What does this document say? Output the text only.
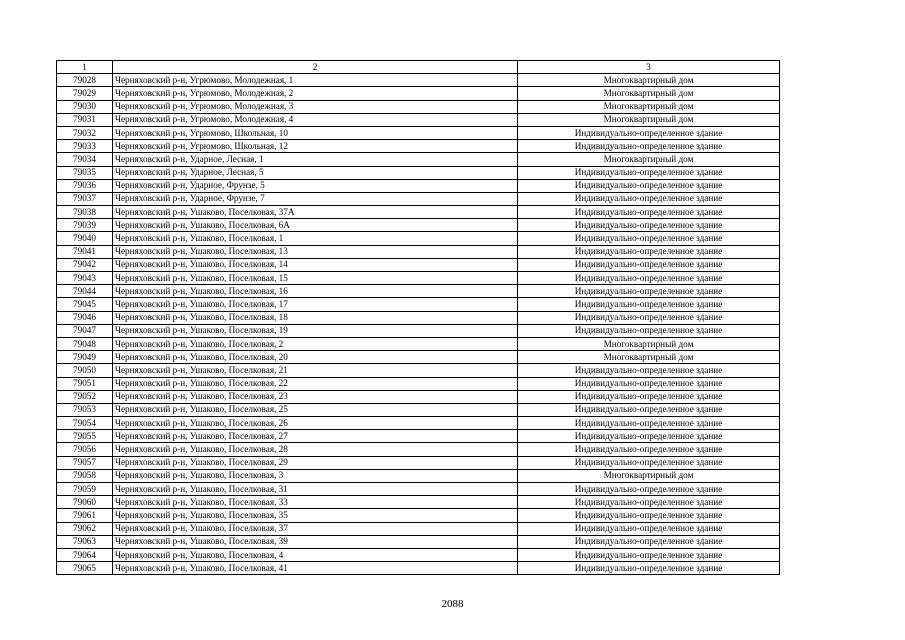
1	2	3
79028	Черняховский р-н, Угрюмово, Молодежная, 1	Многоквартирный дом
79029	Черняховский р-н, Угрюмово, Молодежная, 2	Многоквартирный дом
79030	Черняховский р-н, Угрюмово, Молодежная, 3	Многоквартирный дом
79031	Черняховский р-н, Угрюмово, Молодежная, 4	Многоквартирный дом
79032	Черняховский р-н, Угрюмово, Школьная, 10	Индивидуально-определенное здание
79033	Черняховский р-н, Угрюмово, Школьная, 12	Индивидуально-определенное здание
79034	Черняховский р-н, Ударное, Лесная, 1	Многоквартирный дом
79035	Черняховский р-н, Ударное, Лесная, 5	Индивидуально-определенное здание
79036	Черняховский р-н, Ударное, Фрунзе, 5	Индивидуально-определенное здание
79037	Черняховский р-н, Ударное, Фрунзе, 7	Индивидуально-определенное здание
79038	Черняховский р-н, Ушаково, Поселковая, 37А	Индивидуально-определенное здание
79039	Черняховский р-н, Ушаково, Поселковая, 6А	Индивидуально-определенное здание
79040	Черняховский р-н, Ушаково, Поселковая, 1	Индивидуально-определенное здание
79041	Черняховский р-н, Ушаково, Поселковая, 13	Индивидуально-определенное здание
79042	Черняховский р-н, Ушаково, Поселковая, 14	Индивидуально-определенное здание
79043	Черняховский р-н, Ушаково, Поселковая, 15	Индивидуально-определенное здание
79044	Черняховский р-н, Ушаково, Поселковая, 16	Индивидуально-определенное здание
79045	Черняховский р-н, Ушаково, Поселковая, 17	Индивидуально-определенное здание
79046	Черняховский р-н, Ушаково, Поселковая, 18	Индивидуально-определенное здание
79047	Черняховский р-н, Ушаково, Поселковая, 19	Индивидуально-определенное здание
79048	Черняховский р-н, Ушаково, Поселковая, 2	Многоквартирный дом
79049	Черняховский р-н, Ушаково, Поселковая, 20	Многоквартирный дом
79050	Черняховский р-н, Ушаково, Поселковая, 21	Индивидуально-определенное здание
79051	Черняховский р-н, Ушаково, Поселковая, 22	Индивидуально-определенное здание
79052	Черняховский р-н, Ушаково, Поселковая, 23	Индивидуально-определенное здание
79053	Черняховский р-н, Ушаково, Поселковая, 25	Индивидуально-определенное здание
79054	Черняховский р-н, Ушаково, Поселковая, 26	Индивидуально-определенное здание
79055	Черняховский р-н, Ушаково, Поселковая, 27	Индивидуально-определенное здание
79056	Черняховский р-н, Ушаково, Поселковая, 28	Индивидуально-определенное здание
79057	Черняховский р-н, Ушаково, Поселковая, 29	Индивидуально-определенное здание
79058	Черняховский р-н, Ушаково, Поселковая, 3	Многоквартирный дом
79059	Черняховский р-н, Ушаково, Поселковая, 31	Индивидуально-определенное здание
79060	Черняховский р-н, Ушаково, Поселковая, 33	Индивидуально-определенное здание
79061	Черняховский р-н, Ушаково, Поселковая, 35	Индивидуально-определенное здание
79062	Черняховский р-н, Ушаково, Поселковая, 37	Индивидуально-определенное здание
79063	Черняховский р-н, Ушаково, Поселковая, 39	Индивидуально-определенное здание
79064	Черняховский р-н, Ушаково, Поселковая, 4	Индивидуально-определенное здание
79065	Черняховский р-н, Ушаково, Поселковая, 41	Индивидуально-определенное здание
2088
